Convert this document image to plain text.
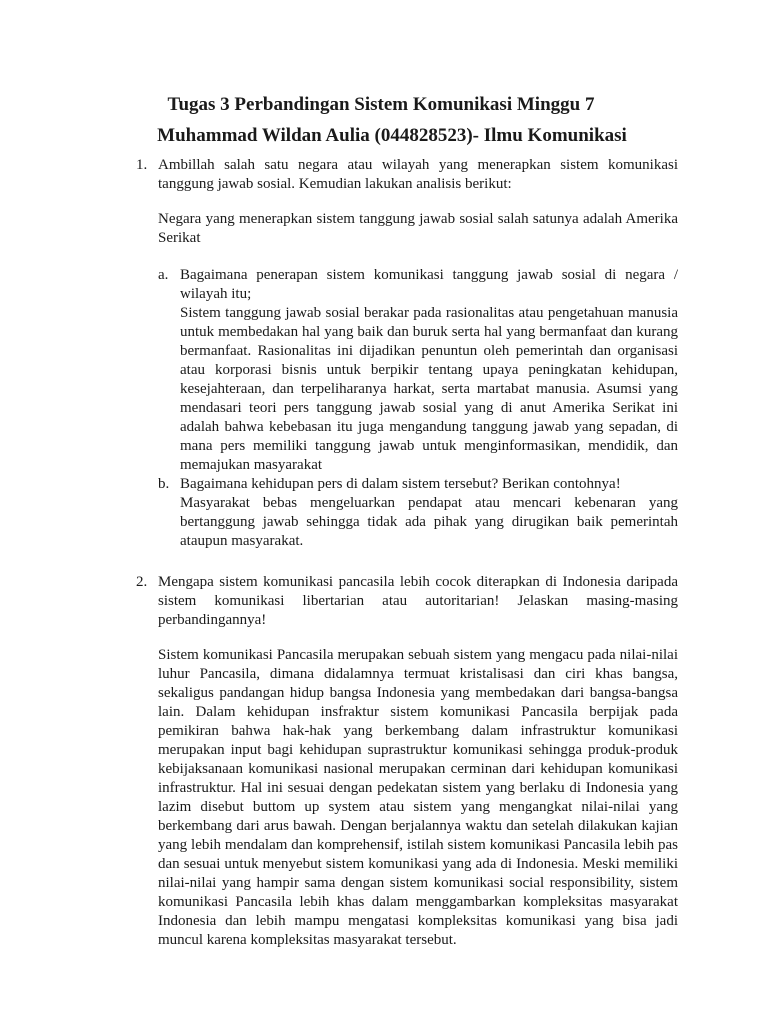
Tugas 3 Perbandingan Sistem Komunikasi Minggu 7
Muhammad Wildan Aulia (044828523)- Ilmu Komunikasi
1. Ambillah salah satu negara atau wilayah yang menerapkan sistem komunikasi tanggung jawab sosial. Kemudian lakukan analisis berikut:

Negara yang menerapkan sistem tanggung jawab sosial salah satunya adalah Amerika Serikat

a. Bagaimana penerapan sistem komunikasi tanggung jawab sosial di negara / wilayah itu;

Sistem tanggung jawab sosial berakar pada rasionalitas atau pengetahuan manusia untuk membedakan hal yang baik dan buruk serta hal yang bermanfaat dan kurang bermanfaat. Rasionalitas ini dijadikan penuntun oleh pemerintah dan organisasi atau korporasi bisnis untuk berpikir tentang upaya peningkatan kehidupan, kesejahteraan, dan terpeliharanya harkat, serta martabat manusia. Asumsi yang mendasari teori pers tanggung jawab sosial yang di anut Amerika Serikat ini adalah bahwa kebebasan itu juga mengandung tanggung jawab yang sepadan, di mana pers memiliki tanggung jawab untuk menginformasikan, mendidik, dan memajukan masyarakat

b. Bagaimana kehidupan pers di dalam sistem tersebut? Berikan contohnya!

Masyarakat bebas mengeluarkan pendapat atau mencari kebenaran yang bertanggung jawab sehingga tidak ada pihak yang dirugikan baik pemerintah ataupun masyarakat.

2. Mengapa sistem komunikasi pancasila lebih cocok diterapkan di Indonesia daripada sistem komunikasi libertarian atau autoritarian! Jelaskan masing-masing perbandingannya!

Sistem komunikasi Pancasila merupakan sebuah sistem yang mengacu pada nilai-nilai luhur Pancasila, dimana didalamnya termuat kristalisasi dan ciri khas bangsa, sekaligus pandangan hidup bangsa Indonesia yang membedakan dari bangsa-bangsa lain. Dalam kehidupan insfraktur sistem komunikasi Pancasila berpijak pada pemikiran bahwa hak-hak yang berkembang dalam infrastruktur komunikasi merupakan input bagi kehidupan suprastruktur komunikasi sehingga produk-produk kebijaksanaan komunikasi nasional merupakan cerminan dari kehidupan komunikasi infrastruktur. Hal ini sesuai dengan pedekatan sistem yang berlaku di Indonesia yang lazim disebut buttom up system atau sistem yang mengangkat nilai-nilai yang berkembang dari arus bawah. Dengan berjalannya waktu dan setelah dilakukan kajian yang lebih mendalam dan komprehensif, istilah sistem komunikasi Pancasila lebih pas dan sesuai untuk menyebut sistem komunikasi yang ada di Indonesia. Meski memiliki nilai-nilai yang hampir sama dengan sistem komunikasi social responsibility, sistem komunikasi Pancasila lebih khas dalam menggambarkan kompleksitas masyarakat Indonesia dan lebih mampu mengatasi kompleksitas komunikasi yang bisa jadi muncul karena kompleksitas masyarakat tersebut.
